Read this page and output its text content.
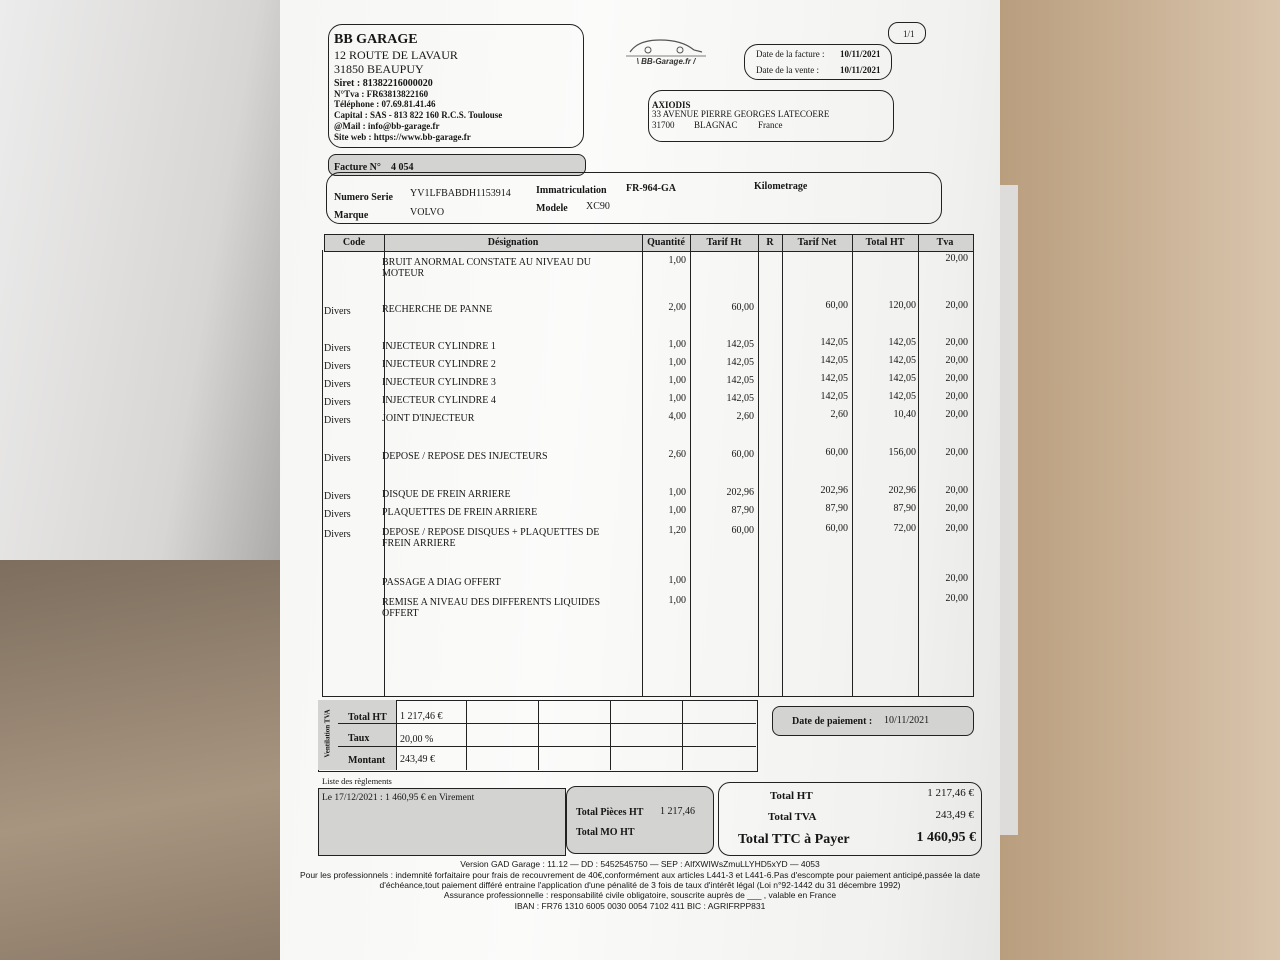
1/1
BB GARAGE
12 ROUTE DE LAVAUR
31850 BEAUPUY
Siret : 81382216000020
N°Tva : FR63813822160
Téléphone : 07.69.81.41.46
Capital : SAS - 813 822 160 R.C.S. Toulouse
@Mail : info@bb-garage.fr
Site web : https://www.bb-garage.fr
\ BB-Garage.fr /
Date de la facture : 10/11/2021
Date de la vente : 10/11/2021
AXIODIS
33 AVENUE PIERRE GEORGES LATECOERE
31700 BLAGNAC France
Facture N° 4 054
Numero Serie YV1LFBABDH1153914	Immatriculation FR-964-GA	Kilometrage
Marque	VOLVO	Modele XC90
Code	Désignation	Quantité	Tarif Ht	R	Tarif Net	Total HT	Tva
BRUIT ANORMAL CONSTATE AU NIVEAU DU
MOTEUR
1,00	20,00
Divers	RECHERCHE DE PANNE	2,00	60,00	60,00	120,00	20,00
Divers	INJECTEUR CYLINDRE 1	1,00	142,05	142,05	142,05	20,00
Divers	INJECTEUR CYLINDRE 2	1,00	142,05	142,05	142,05	20,00
Divers	INJECTEUR CYLINDRE 3	1,00	142,05	142,05	142,05	20,00
Divers	INJECTEUR CYLINDRE 4	1,00	142,05	142,05	142,05	20,00
Divers	JOINT D'INJECTEUR	4,00	2,60	2,60	10,40	20,00
Divers	DEPOSE / REPOSE DES INJECTEURS	2,60	60,00	60,00	156,00	20,00
Divers	DISQUE DE FREIN ARRIERE	1,00	202,96	202,96	202,96	20,00
Divers	PLAQUETTES DE FREIN ARRIERE	1,00	87,90	87,90	87,90	20,00
Divers	DEPOSE / REPOSE DISQUES + PLAQUETTES DE
FREIN ARRIERE
1,20	60,00	60,00	72,00	20,00
PASSAGE A DIAG OFFERT	1,00	20,00
REMISE A NIVEAU DES DIFFERENTS LIQUIDES
OFFERT
1,00	20,00
Ventilation TVA Total HT 1 217,46 €
Taux	20,00 %
Montant 243,49 €
Date de paiement : 10/11/2021
Liste des règlements
Le 17/12/2021 : 1 460,95 € en Virement
Total Pièces HT 1 217,46
Total MO HT
Total HT	1 217,46 €
Total TVA	243,49 €
Total TTC à Payer	1 460,95 €
Version GAD Garage : 11.12 — DD : 5452545750 — SEP : AIfXWIWsZmuLLYHD5xYD — 4053
Pour les professionnels : indemnité forfaitaire pour frais de recouvrement de 40€,conformément aux articles L441-3 et L441-6.Pas d'escompte pour paiement anticipé,passée la date
d'échéance,tout paiement différé entraine l'application d'une pénalité de 3 fois de taux d'intérêt légal (Loi n°92-1442 du 31 décembre 1992)
Assurance professionnelle : responsabilité civile obligatoire, souscrite auprès de ___ , valable en France
IBAN : FR76 1310 6005 0030 0054 7102 411 BIC : AGRIFRPP831
